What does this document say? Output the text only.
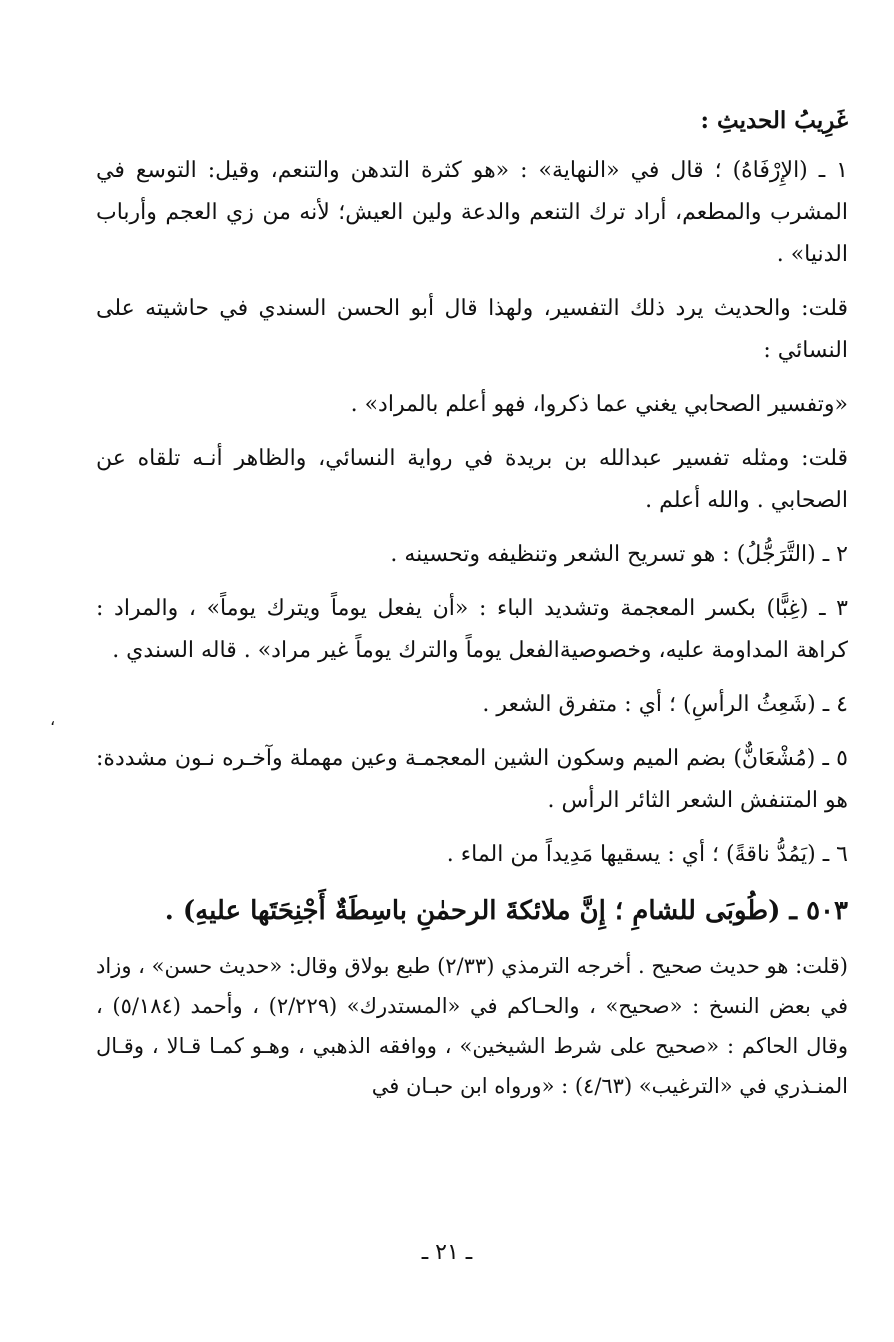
غَرِيبُ الحديثِ :

١ ـ (الإِرْفَاهُ) ؛ قال في «النهاية» : «هو كثرة التدهن والتنعم، وقيل: التوسع في المشرب والمطعم، أراد ترك التنعم والدعة ولين العيش؛ لأنه من زي العجم وأرباب الدنيا» .

قلت: والحديث يرد ذلك التفسير، ولهذا قال أبو الحسن السندي في حاشيته على النسائي :

«وتفسير الصحابي يغني عما ذكروا، فهو أعلم بالمراد» .

قلت: ومثله تفسير عبدالله بن بريدة في رواية النسائي، والظاهر أنـه تلقاه عن الصحابي . والله أعلم .

٢ ـ (التَّرَجُّلُ) : هو تسريح الشعر وتنظيفه وتحسينه .

٣ ـ (غِبًّا) بكسر المعجمة وتشديد الباء : «أن يفعل يوماً ويترك يوماً» ، والمراد : كراهة المداومة عليه، وخصوصيةالفعل يوماً والترك يوماً غير مراد» . قاله السندي .

٤ ـ (شَعِثُ الرأسِ) ؛ أي : متفرق الشعر .

٥ ـ (مُشْعَانٌّ) بضم الميم وسكون الشين المعجمـة وعين مهملة وآخـره نـون مشددة: هو المتنفش الشعر الثائر الرأس .

٦ ـ (يَمُدُّ ناقةً) ؛ أي : يسقيها مَدِيداً من الماء .

٥٠٣ ـ (طُوبَى للشامِ ؛ إِنَّ ملائكةَ الرحمٰنِ باسِطَةٌ أَجْنِحَتَها عليهِ) .

(قلت: هو حديث صحيح . أخرجه الترمذي (٢/٣٣) طبع بولاق وقال: «حديث حسن» ، وزاد في بعض النسخ : «صحيح» ، والحـاكم في «المستدرك» (٢/٢٢٩) ، وأحمد (٥/١٨٤) ، وقال الحاكم : «صحيح على شرط الشيخين» ، ووافقه الذهبي ، وهـو كمـا قـالا ، وقـال المنـذري في «الترغيب» (٤/٦٣) : «ورواه ابن حبـان في

،
ـ ٢١ ـ
